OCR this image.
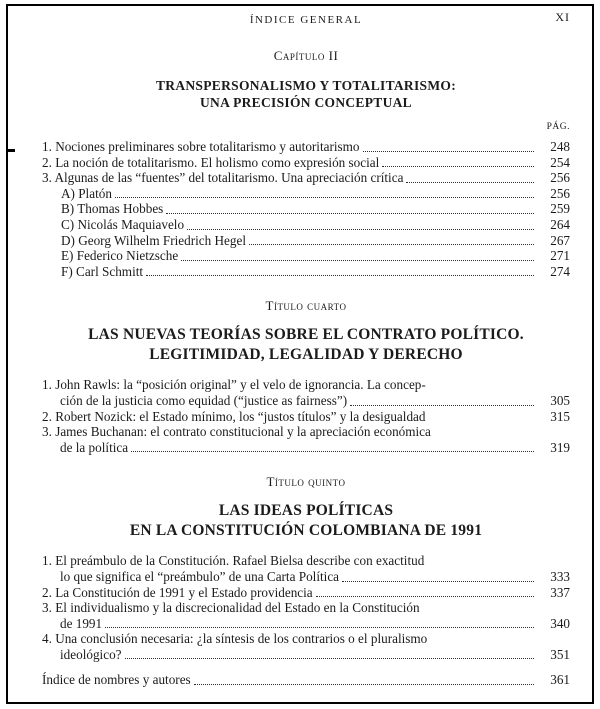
ÍNDICE GENERAL	XI
Capítulo II
TRANSPERSONALISMO Y TOTALITARISMO:
UNA PRECISIÓN CONCEPTUAL
PÁG.
1. Nociones preliminares sobre totalitarismo y autoritarismo	248
2. La noción de totalitarismo. El holismo como expresión social	254
3. Algunas de las “fuentes” del totalitarismo. Una apreciación crítica	256
A) Platón	256
B) Thomas Hobbes	259
C) Nicolás Maquiavelo	264
D) Georg Wilhelm Friedrich Hegel	267
E) Federico Nietzsche	271
F) Carl Schmitt	274
Título cuarto
LAS NUEVAS TEORÍAS SOBRE EL CONTRATO POLÍTICO.
LEGITIMIDAD, LEGALIDAD Y DERECHO
1. John Rawls: la “posición original” y el velo de ignorancia. La concep-
ción de la justicia como equidad (“justice as fairness”)	305
2. Robert Nozick: el Estado mínimo, los “justos títulos” y la desigualdad	315
3. James Buchanan: el contrato constitucional y la apreciación económica
de la política	319
Título quinto
LAS IDEAS POLÍTICAS
EN LA CONSTITUCIÓN COLOMBIANA DE 1991
1. El preámbulo de la Constitución. Rafael Bielsa describe con exactitud
lo que significa el “preámbulo” de una Carta Política	333
2. La Constitución de 1991 y el Estado providencia	337
3. El individualismo y la discrecionalidad del Estado en la Constitución
de 1991	340
4. Una conclusión necesaria: ¿la síntesis de los contrarios o el pluralismo
ideológico?	351
Índice de nombres y autores	361
